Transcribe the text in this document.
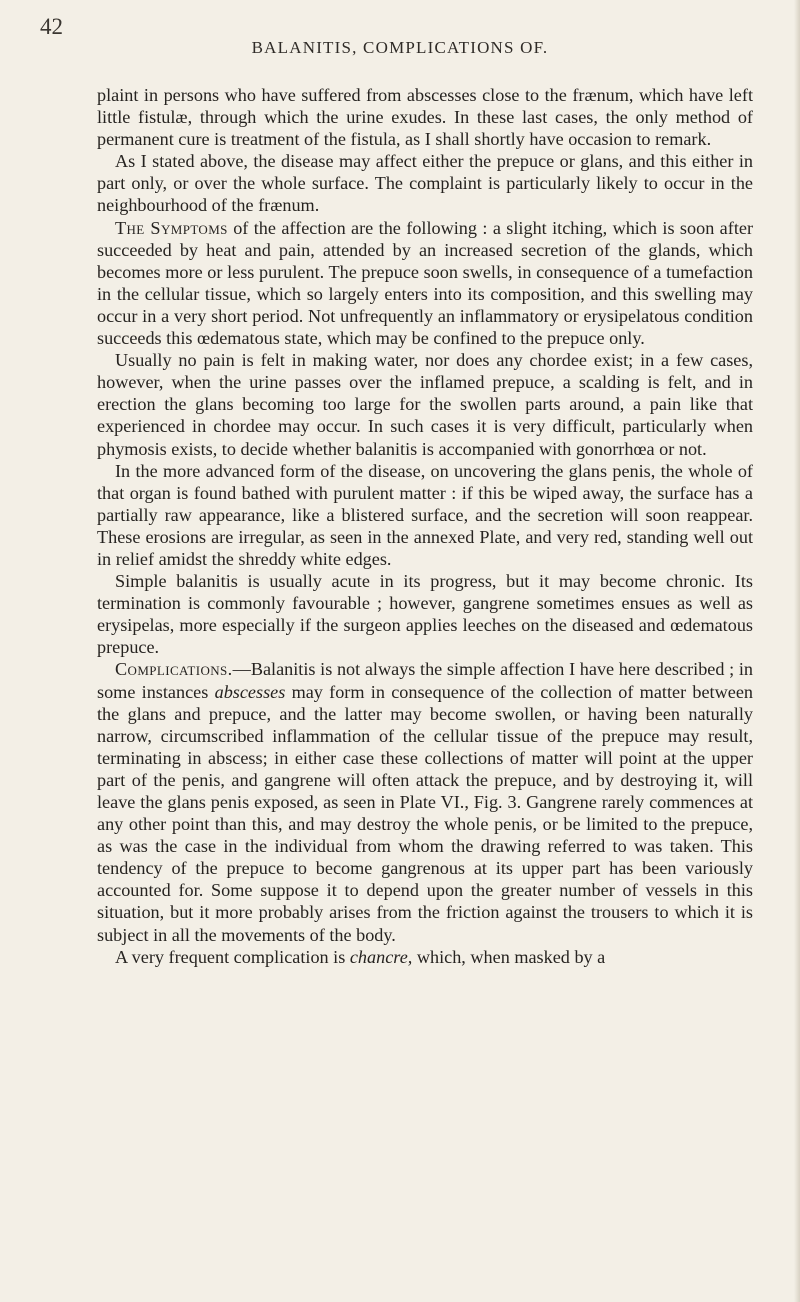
42
BALANITIS, COMPLICATIONS OF.

plaint in persons who have suffered from abscesses close to the frænum, which have left little fistulæ, through which the urine exudes. In these last cases, the only method of permanent cure is treatment of the fistula, as I shall shortly have occasion to remark.

As I stated above, the disease may affect either the prepuce or glans, and this either in part only, or over the whole surface. The complaint is particularly likely to occur in the neighbourhood of the frænum.

The Symptoms of the affection are the following : a slight itching, which is soon after succeeded by heat and pain, attended by an increased secretion of the glands, which becomes more or less purulent. The prepuce soon swells, in consequence of a tumefaction in the cellular tissue, which so largely enters into its composition, and this swelling may occur in a very short period. Not unfrequently an inflammatory or erysipelatous condition succeeds this œdematous state, which may be confined to the prepuce only.

Usually no pain is felt in making water, nor does any chordee exist; in a few cases, however, when the urine passes over the inflamed prepuce, a scalding is felt, and in erection the glans becoming too large for the swollen parts around, a pain like that experienced in chordee may occur. In such cases it is very difficult, particularly when phymosis exists, to decide whether balanitis is accompanied with gonorrhœa or not.

In the more advanced form of the disease, on uncovering the glans penis, the whole of that organ is found bathed with purulent matter : if this be wiped away, the surface has a partially raw appearance, like a blistered surface, and the secretion will soon reappear. These erosions are irregular, as seen in the annexed Plate, and very red, standing well out in relief amidst the shreddy white edges.

Simple balanitis is usually acute in its progress, but it may become chronic. Its termination is commonly favourable ; however, gangrene sometimes ensues as well as erysipelas, more especially if the surgeon applies leeches on the diseased and œdematous prepuce.

Complications.—Balanitis is not always the simple affection I have here described ; in some instances abscesses may form in consequence of the collection of matter between the glans and prepuce, and the latter may become swollen, or having been naturally narrow, circumscribed inflammation of the cellular tissue of the prepuce may result, terminating in abscess; in either case these collections of matter will point at the upper part of the penis, and gangrene will often attack the prepuce, and by destroying it, will leave the glans penis exposed, as seen in Plate VI., Fig. 3. Gangrene rarely commences at any other point than this, and may destroy the whole penis, or be limited to the prepuce, as was the case in the individual from whom the drawing referred to was taken. This tendency of the prepuce to become gangrenous at its upper part has been variously accounted for. Some suppose it to depend upon the greater number of vessels in this situation, but it more probably arises from the friction against the trousers to which it is subject in all the movements of the body.

A very frequent complication is chancre, which, when masked by a
